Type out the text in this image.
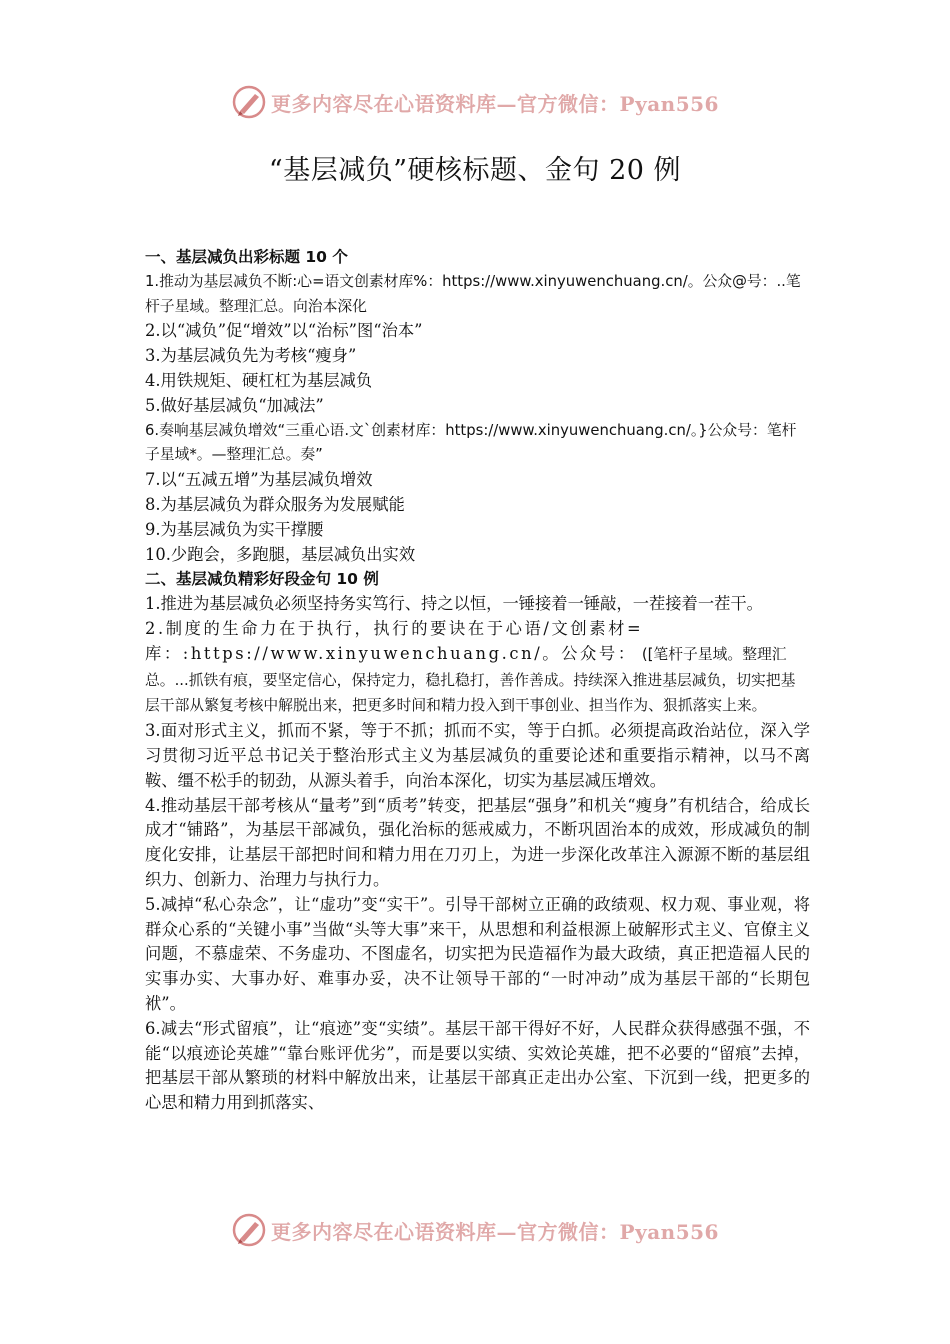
更多内容尽在心语资料库—官方微信：Pyan556
“基层减负”硬核标题、金句 20 例

一、基层减负出彩标题 10 个

1.推动为基层减负不断:心=语文创素材库%：https://www.xinyuwenchuang.cn/。公众@号：..笔杆子星域。整理汇总。向治本深化

2.以“减负”促“增效”以“治标”图“治本”

3.为基层减负先为考核“瘦身”

4.用铁规矩、硬杠杠为基层减负

5.做好基层减负“加减法”

6.奏响基层减负增效“三重心语.文`创素材库：https://www.xinyuwenchuang.cn/。}公众号：笔杆子星域*。—整理汇总。奏”

7.以“五减五增”为基层减负增效

8.为基层减负为群众服务为发展赋能

9.为基层减负为实干撑腰

10.少跑会，多跑腿，基层减负出实效

二、基层减负精彩好段金句 10 例

1.推进为基层减负必须坚持务实笃行、持之以恒，一锤接着一锤敲，一茬接着一茬干。

2.制度的生命力在于执行，执行的要诀在于心语/文创素材=库：:https://www.xinyuwenchuang.cn/。公众号： ([笔杆子星域。整理汇总。...抓铁有痕，要坚定信心，保持定力，稳扎稳打，善作善成。持续深入推进基层减负，切实把基层干部从繁复考核中解脱出来，把更多时间和精力投入到干事创业、担当作为、狠抓落实上来。

3.面对形式主义，抓而不紧，等于不抓；抓而不实，等于白抓。必须提高政治站位，深入学习贯彻习近平总书记关于整治形式主义为基层减负的重要论述和重要指示精神，以马不离鞍、缰不松手的韧劲，从源头着手，向治本深化，切实为基层减压增效。

4.推动基层干部考核从“量考”到“质考”转变，把基层“强身”和机关“瘦身”有机结合，给成长成才“铺路”，为基层干部减负，强化治标的惩戒威力，不断巩固治本的成效，形成减负的制度化安排，让基层干部把时间和精力用在刀刃上，为进一步深化改革注入源源不断的基层组织力、创新力、治理力与执行力。

5.减掉“私心杂念”，让“虚功”变“实干”。引导干部树立正确的政绩观、权力观、事业观，将群众心系的“关键小事”当做“头等大事”来干，从思想和利益根源上破解形式主义、官僚主义问题，不慕虚荣、不务虚功、不图虚名，切实把为民造福作为最大政绩，真正把造福人民的实事办实、大事办好、难事办妥，决不让领导干部的“一时冲动”成为基层干部的“长期包袱”。

6.减去“形式留痕”，让“痕迹”变“实绩”。基层干部干得好不好，人民群众获得感强不强，不能“以痕迹论英雄”“靠台账评优劣”，而是要以实绩、实效论英雄，把不必要的“留痕”去掉，把基层干部从繁琐的材料中解放出来，让基层干部真正走出办公室、下沉到一线，把更多的心思和精力用到抓落实、

更多内容尽在心语资料库—官方微信：Pyan556
